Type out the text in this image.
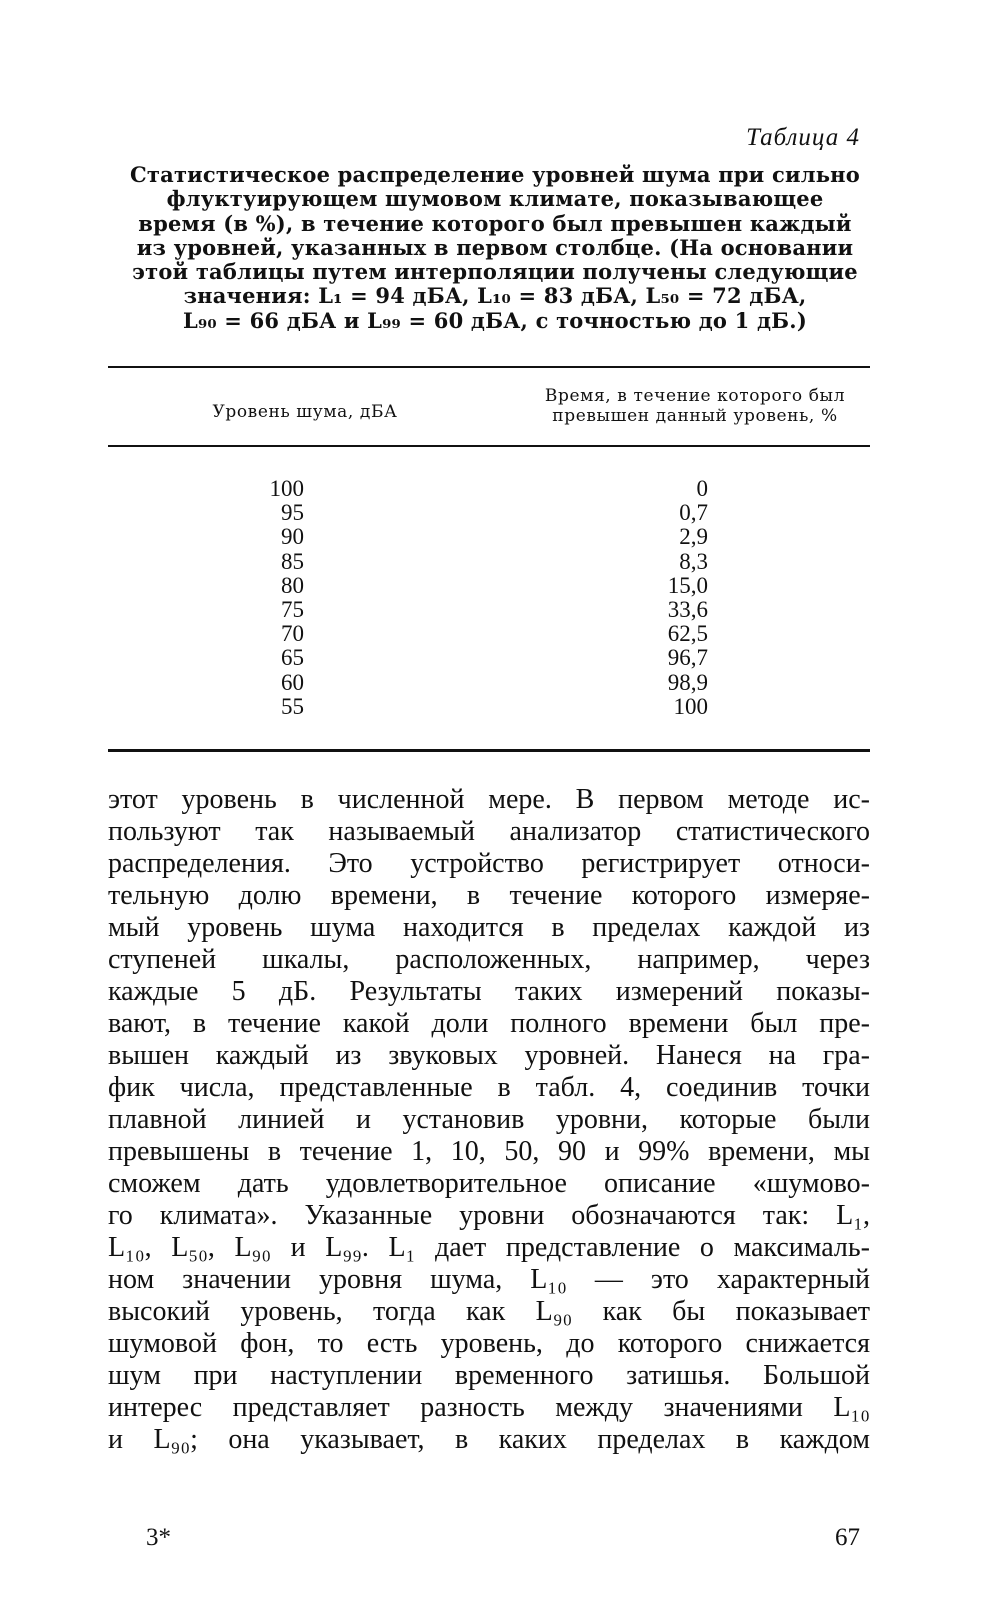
Таблица 4
Статистическое распределение уровней шума при сильно
флуктуирующем шумовом климате, показывающее
время (в %), в течение которого был превышен каждый
из уровней, указанных в первом столбце. (На основании
этой таблицы путем интерполяции получены следующие
значения: L₁ = 94 дБА, L₁₀ = 83 дБА, L₅₀ = 72 дБА,
L₉₀ = 66 дБА и L₉₉ = 60 дБА, с точностью до 1 дБ.)
Уровень шума, дБА
Время, в течение которого был превышен данный уровень, %
100
95
90
85
80
75
70
65
60
55
0
0,7
2,9
8,3
15,0
33,6
62,5
96,7
98,9
100
этот уровень в численной мере. В первом методе ис-
пользуют так называемый анализатор статистического
распределения. Это устройство регистрирует относи-
тельную долю времени, в течение которого измеряе-
мый уровень шума находится в пределах каждой из
ступеней шкалы, расположенных, например, через
каждые 5 дБ. Результаты таких измерений показы-
вают, в течение какой доли полного времени был пре-
вышен каждый из звуковых уровней. Нанеся на гра-
фик числа, представленные в табл. 4, соединив точки
плавной линией и установив уровни, которые были
превышены в течение 1, 10, 50, 90 и 99% времени, мы
сможем дать удовлетворительное описание «шумово-
го климата». Указанные уровни обозначаются так: L₁,
L₁₀, L₅₀, L₉₀ и L₉₉. L₁ дает представление о максималь-
ном значении уровня шума, L₁₀ — это характерный
высокий уровень, тогда как L₉₀ как бы показывает
шумовой фон, то есть уровень, до которого снижается
шум при наступлении временного затишья. Большой
интерес представляет разность между значениями L₁₀
и L₉₀; она указывает, в каких пределах в каждом
3*	67
